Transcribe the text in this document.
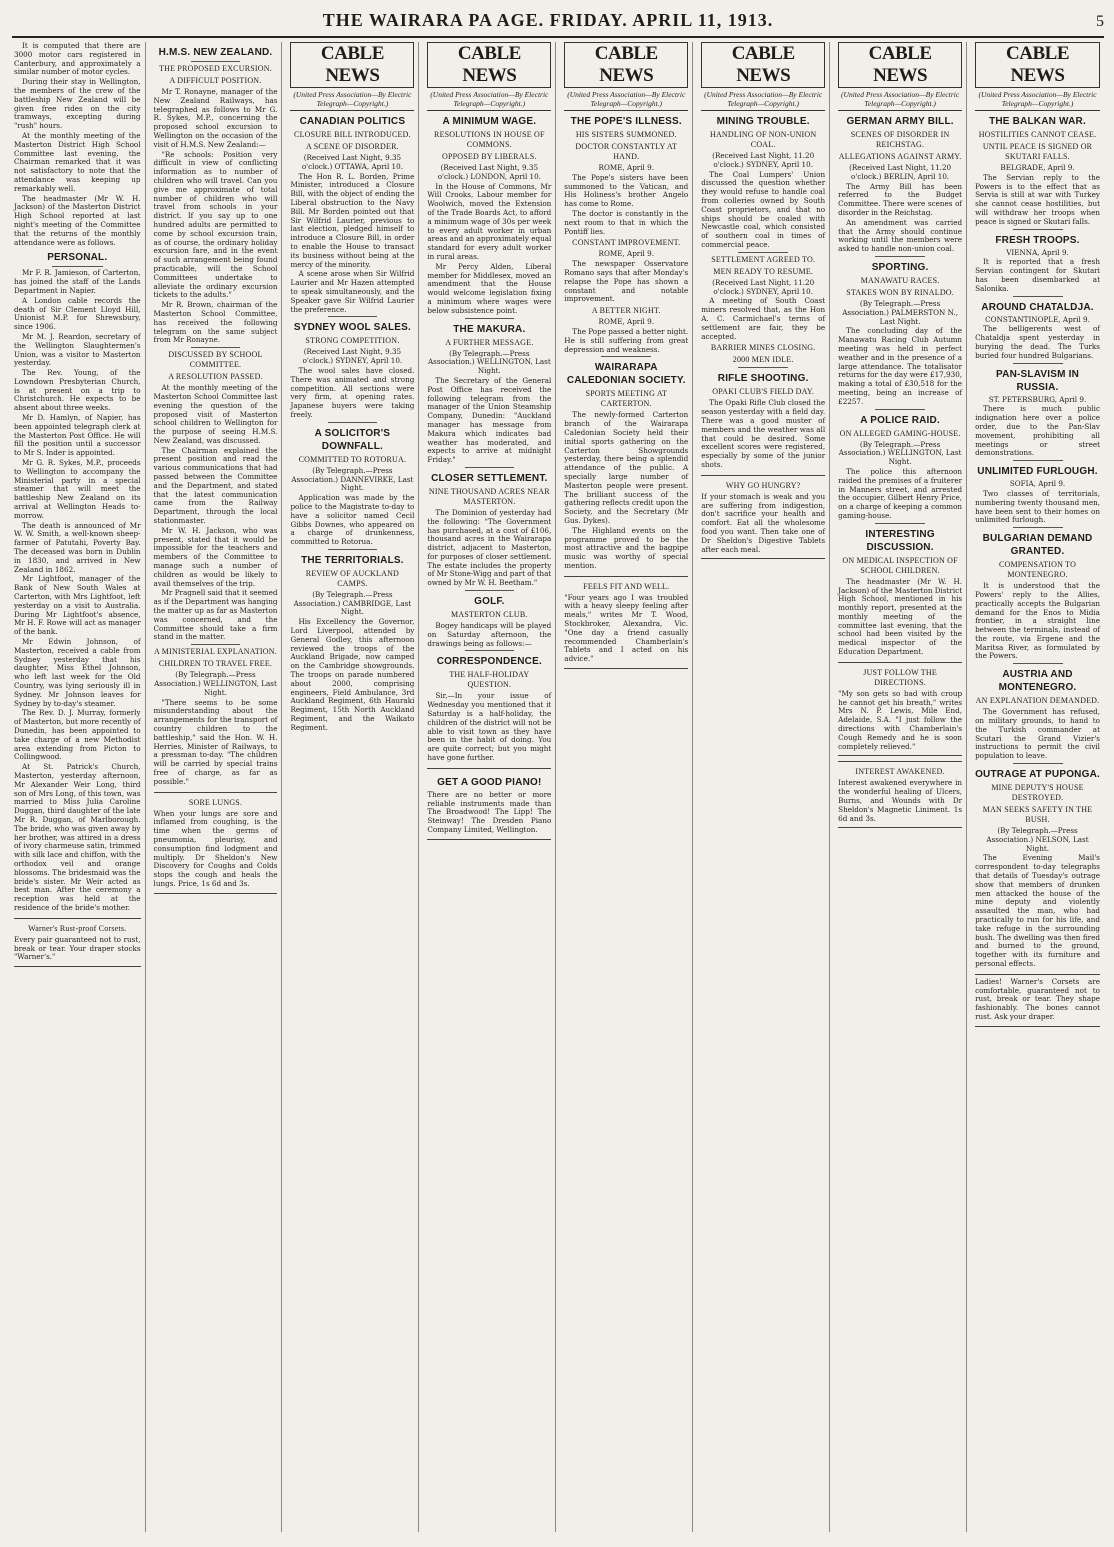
THE WAIRARA PA AGE. FRIDAY. APRIL 11, 1913.	5

It is computed that there are 3000 motor cars registered in Canterbury, and approximately a similar number of motor cycles.

During their stay in Wellington, the members of the crew of the battleship New Zealand will be given free rides on the city tramways, excepting during "rush" hours.

At the monthly meeting of the Masterton District High School Committee last evening, the Chairman remarked that it was not satisfactory to note that the attendance was keeping up remarkably well.

The headmaster (Mr W. H. Jackson) of the Masterton District High School reported at last night's meeting of the Committee that the returns of the monthly attendance were as follows.

PERSONAL.

Mr F. R. Jamieson, of Carterton, has joined the staff of the Lands Department in Napier.

A London cable records the death of Sir Clement Lloyd Hill, Unionist M.P. for Shrewsbury, since 1906.

Mr M. J. Reardon, secretary of the Wellington Slaughtermen's Union, was a visitor to Masterton yesterday.

The Rev. Young, of the Lowndown Presbyterian Church, is at present on a trip to Christchurch. He expects to be absent about three weeks.

Mr D. Hamlyn, of Napier, has been appointed telegraph clerk at the Masterton Post Office. He will fill the position until a successor to Mr S. Inder is appointed.

Mr G. R. Sykes, M.P., proceeds to Wellington to accompany the Ministerial party in a special steamer that will meet the battleship New Zealand on its arrival at Wellington Heads to-morrow.

The death is announced of Mr W. W. Smith, a well-known sheep-farmer of Patutahi, Poverty Bay. The deceased was born in Dublin in 1830, and arrived in New Zealand in 1862.

Mr Lightfoot, manager of the Bank of New South Wales at Carterton, with Mrs Lightfoot, left yesterday on a visit to Australia. During Mr Lightfoot's absence, Mr H. F. Rowe will act as manager of the bank.

Mr Edwin Johnson, of Masterton, received a cable from Sydney yesterday that his daughter, Miss Ethel Johnson, who left last week for the Old Country, was lying seriously ill in Sydney. Mr Johnson leaves for Sydney by to-day's steamer.

The Rev. D. J. Murray, formerly of Masterton, but more recently of Dunedin, has been appointed to take charge of a new Methodist area extending from Picton to Collingwood.

At St. Patrick's Church, Masterton, yesterday afternoon, Mr Alexander Weir Long, third son of Mrs Long, of this town, was married to Miss Julia Caroline Duggan, third daughter of the late Mr R. Duggan, of Marlborough. The bride, who was given away by her brother, was attired in a dress of ivory charmeuse satin, trimmed with silk lace and chiffon, with the orthodox veil and orange blossoms. The bridesmaid was the bride's sister. Mr Weir acted as best man. After the ceremony a reception was held at the residence of the bride's mother.

Warner's Rust-proof Corsets.

Every pair guaranteed not to rust, break or tear. Your draper stocks "Warner's."

H.M.S. NEW ZEALAND.
THE PROPOSED EXCURSION.
A DIFFICULT POSITION.

Mr T. Ronayne, manager of the New Zealand Railways, has telegraphed as follows to Mr G. R. Sykes, M.P., concerning the proposed school excursion to Wellington on the occasion of the visit of H.M.S. New Zealand:—

"Re schools: Position very difficult in view of conflicting information as to number of children who will travel. Can you give me approximate of total number of children who will travel from schools in your district. If you say up to one hundred adults are permitted to come by school excursion train, as of course, the ordinary holiday excursion fare, and in the event of such arrangement being found practicable, will the School Committees undertake to alleviate the ordinary excursion tickets to the adults."

Mr R. Brown, chairman of the Masterton School Committee, has received the following telegram on the same subject from Mr Ronayne.

DISCUSSED BY SCHOOL COMMITTEE.
A RESOLUTION PASSED.

At the monthly meeting of the Masterton School Committee last evening the question of the proposed visit of Masterton school children to Wellington for the purpose of seeing H.M.S. New Zealand, was discussed.

The Chairman explained the present position and read the various communications that had passed between the Committee and the Department, and stated that the latest communication came from the Railway Department, through the local stationmaster.

Mr W. H. Jackson, who was present, stated that it would be impossible for the teachers and members of the Committee to manage such a number of children as would be likely to avail themselves of the trip.

Mr Pragnell said that it seemed as if the Department was hanging the matter up as far as Masterton was concerned, and the Committee should take a firm stand in the matter.

A MINISTERIAL EXPLANATION.
CHILDREN TO TRAVEL FREE.
(By Telegraph.—Press Association.) WELLINGTON, Last Night.

"There seems to be some misunderstanding about the arrangements for the transport of country children to the battleship," said the Hon. W. H. Herries, Minister of Railways, to a pressman to-day. "The children will be carried by special trains free of charge, as far as possible."

SORE LUNGS.

When your lungs are sore and inflamed from coughing, is the time when the germs of pneumonia, pleurisy, and consumption find lodgment and multiply. Dr Sheldon's New Discovery for Coughs and Colds stops the cough and heals the lungs. Price, 1s 6d and 3s.

CABLE NEWS
(United Press Association—By Electric Telegraph—Copyright.)
CANADIAN POLITICS
CLOSURE BILL INTRODUCED.
A SCENE OF DISORDER.
(Received Last Night, 9.35 o'clock.) OTTAWA, April 10.

The Hon R. L. Borden, Prime Minister, introduced a Closure Bill, with the object of ending the Liberal obstruction to the Navy Bill. Mr Borden pointed out that Sir Wilfrid Laurier, previous to last election, pledged himself to introduce a Closure Bill, in order to enable the House to transact its business without being at the mercy of the minority.

A scene arose when Sir Wilfrid Laurier and Mr Hazen attempted to speak simultaneously, and the Speaker gave Sir Wilfrid Laurier the preference.

SYDNEY WOOL SALES.
STRONG COMPETITION.
(Received Last Night, 9.35 o'clock.) SYDNEY, April 10.

The wool sales have closed. There was animated and strong competition. All sections were very firm, at opening rates. Japanese buyers were taking freely.

A SOLICITOR'S DOWNFALL.
COMMITTED TO ROTORUA.
(By Telegraph.—Press Association.) DANNEVIRKE, Last Night.

Application was made by the police to the Magistrate to-day to have a solicitor named Cecil Gibbs Downes, who appeared on a charge of drunkenness, committed to Rotorua.

THE TERRITORIALS.
REVIEW OF AUCKLAND CAMPS.
(By Telegraph.—Press Association.) CAMBRIDGE, Last Night.

His Excellency the Governor, Lord Liverpool, attended by General Godley, this afternoon reviewed the troops of the Auckland Brigade, now camped on the Cambridge showgrounds. The troops on parade numbered about 2000, comprising engineers, Field Ambulance, 3rd Auckland Regiment, 6th Hauraki Regiment, 15th North Auckland Regiment, and the Waikato Regiment.

CABLE NEWS
(United Press Association—By Electric Telegraph—Copyright.)
A MINIMUM WAGE.
RESOLUTIONS IN HOUSE OF COMMONS.
OPPOSED BY LIBERALS.
(Received Last Night, 9.35 o'clock.) LONDON, April 10.

In the House of Commons, Mr Will Crooks, Labour member for Woolwich, moved the Extension of the Trade Boards Act, to afford a minimum wage of 30s per week to every adult worker in urban areas and an approximately equal standard for every adult worker in rural areas.

Mr Percy Alden, Liberal member for Middlesex, moved an amendment that the House would welcome legislation fixing a minimum where wages were below subsistence point.

THE MAKURA.
A FURTHER MESSAGE.
(By Telegraph.—Press Association.) WELLINGTON, Last Night.

The Secretary of the General Post Office has received the following telegram from the manager of the Union Steamship Company, Dunedin: "Auckland manager has message from Makura which indicates bad weather has moderated, and expects to arrive at midnight Friday."

CLOSER SETTLEMENT.
NINE THOUSAND ACRES NEAR MASTERTON.

The Dominion of yesterday had the following: "The Government has purchased, at a cost of £106, thousand acres in the Wairarapa district, adjacent to Masterton, for purposes of closer settlement. The estate includes the property of Mr Stone-Wigg and part of that owned by Mr W. H. Beetham."

GOLF.
MASTERTON CLUB.

Bogey handicaps will be played on Saturday afternoon, the drawings being as follows:—

CORRESPONDENCE.
THE HALF-HOLIDAY QUESTION.

Sir,—In your issue of Wednesday you mentioned that it Saturday is a half-holiday, the children of the district will not be able to visit town as they have been in the habit of doing. You are quite correct; but you might have gone further.

GET A GOOD PIANO!

There are no better or more reliable instruments made than The Broadwood! The Lipp! The Steinway! The Dresden Piano Company Limited, Wellington.

CABLE NEWS
(United Press Association—By Electric Telegraph—Copyright.)
THE POPE'S ILLNESS.
HIS SISTERS SUMMONED.
DOCTOR CONSTANTLY AT HAND.
ROME, April 9.

The Pope's sisters have been summoned to the Vatican, and His Holiness's brother Angelo has come to Rome.

The doctor is constantly in the next room to that in which the Pontiff lies.

CONSTANT IMPROVEMENT.
ROME, April 9.

The newspaper Osservatore Romano says that after Monday's relapse the Pope has shown a constant and notable improvement.

A BETTER NIGHT.
ROME, April 9.

The Pope passed a better night. He is still suffering from great depression and weakness.

WAIRARAPA CALEDONIAN SOCIETY.
SPORTS MEETING AT CARTERTON.

The newly-formed Carterton branch of the Wairarapa Caledonian Society held their initial sports gathering on the Carterton Showgrounds yesterday, there being a splendid attendance of the public. A specially large number of Masterton people were present. The brilliant success of the gathering reflects credit upon the Society, and the Secretary (Mr Gus. Dykes).

The Highland events on the programme proved to be the most attractive and the bagpipe music was worthy of special mention.

FEELS FIT AND WELL.

"Four years ago I was troubled with a heavy sleepy feeling after meals," writes Mr T. Wood, Stockbroker, Alexandra, Vic. "One day a friend casually recommended Chamberlain's Tablets and I acted on his advice."

CABLE NEWS
(United Press Association—By Electric Telegraph—Copyright.)
MINING TROUBLE.
HANDLING OF NON-UNION COAL.
(Received Last Night, 11.20 o'clock.) SYDNEY, April 10.

The Coal Lumpers' Union discussed the question whether they would refuse to handle coal from colleries owned by South Coast proprietors, and that no ships should be coaled with Newcastle coal, which consisted of southern coal in times of commercial peace.

SETTLEMENT AGREED TO.
MEN READY TO RESUME.
(Received Last Night, 11.20 o'clock.) SYDNEY, April 10.

A meeting of South Coast miners resolved that, as the Hon A. C. Carmichael's terms of settlement are fair, they be accepted.

BARRIER MINES CLOSING.
2000 MEN IDLE.
RIFLE SHOOTING.
OPAKI CLUB'S FIELD DAY.

The Opaki Rifle Club closed the season yesterday with a field day. There was a good muster of members and the weather was all that could be desired. Some excellent scores were registered, especially by some of the junior shots.

WHY GO HUNGRY?

If your stomach is weak and you are suffering from indigestion, don't sacrifice your health and comfort. Eat all the wholesome food you want. Then take one of Dr Sheldon's Digestive Tablets after each meal.

CABLE NEWS
(United Press Association—By Electric Telegraph—Copyright.)
GERMAN ARMY BILL.
SCENES OF DISORDER IN REICHSTAG.
ALLEGATIONS AGAINST ARMY.
(Received Last Night, 11.20 o'clock.) BERLIN, April 10.

The Army Bill has been referred to the Budget Committee. There were scenes of disorder in the Reichstag.

An amendment was carried that the Army should continue working until the members were asked to handle non-union coal.

SPORTING.
MANAWATU RACES.
STAKES WON BY RINALDO.
(By Telegraph.—Press Association.) PALMERSTON N., Last Night.

The concluding day of the Manawatu Racing Club Autumn meeting was held in perfect weather and in the presence of a large attendance. The totalisator returns for the day were £17,930, making a total of £30,518 for the meeting, being an increase of £2257.

A POLICE RAID.
ON ALLEGED GAMING-HOUSE.
(By Telegraph.—Press Association.) WELLINGTON, Last Night.

The police this afternoon raided the premises of a fruiterer in Manners street, and arrested the occupier, Gilbert Henry Price, on a charge of keeping a common gaming-house.

INTERESTING DISCUSSION.
ON MEDICAL INSPECTION OF SCHOOL CHILDREN.

The headmaster (Mr W. H. Jackson) of the Masterton District High School, mentioned in his monthly report, presented at the monthly meeting of the committee last evening, that the school had been visited by the medical inspector of the Education Department.

JUST FOLLOW THE DIRECTIONS.

"My son gets so bad with croup he cannot get his breath," writes Mrs N. P. Lewis, Mile End, Adelaide, S.A. "I just follow the directions with Chamberlain's Cough Remedy and he is soon completely relieved."

INTEREST AWAKENED.

Interest awakened everywhere in the wonderful healing of Ulcers, Burns, and Wounds with Dr Sheldon's Magnetic Liniment. 1s 6d and 3s.

CABLE NEWS
(United Press Association—By Electric Telegraph—Copyright.)
THE BALKAN WAR.
HOSTILITIES CANNOT CEASE.
UNTIL PEACE IS SIGNED OR SKUTARI FALLS.
BELGRADE, April 9.

The Servian reply to the Powers is to the effect that as Servia is still at war with Turkey she cannot cease hostilities, but will withdraw her troops when peace is signed or Skutari falls.

FRESH TROOPS.
VIENNA, April 9.

It is reported that a fresh Servian contingent for Skutari has been disembarked at Salonika.

AROUND CHATALDJA.
CONSTANTINOPLE, April 9.

The belligerents west of Chataldja spent yesterday in burying the dead. The Turks buried four hundred Bulgarians.

PAN-SLAVISM IN RUSSIA.
ST. PETERSBURG, April 9.

There is much public indignation here over a police order, due to the Pan-Slav movement, prohibiting all meetings or street demonstrations.

UNLIMITED FURLOUGH.
SOFIA, April 9.

Two classes of territorials, numbering twenty thousand men, have been sent to their homes on unlimited furlough.

BULGARIAN DEMAND GRANTED.
COMPENSATION TO MONTENEGRO.

It is understood that the Powers' reply to the Allies, practically accepts the Bulgarian demand for the Enos to Midia frontier, in a straight line between the terminals, instead of the route, via Ergene and the Maritsa River, as formulated by the Powers.

AUSTRIA AND MONTENEGRO.
AN EXPLANATION DEMANDED.

The Government has refused, on military grounds, to hand to the Turkish commander at Scutari the Grand Vizier's instructions to permit the civil population to leave.

OUTRAGE AT PUPONGA.
MINE DEPUTY'S HOUSE DESTROYED.
MAN SEEKS SAFETY IN THE BUSH.
(By Telegraph.—Press Association.) NELSON, Last Night.

The Evening Mail's correspondent to-day telegraphs that details of Tuesday's outrage show that members of drunken men attacked the house of the mine deputy and violently assaulted the man, who had practically to run for his life, and take refuge in the surrounding bush. The dwelling was then fired and burned to the ground, together with its furniture and personal effects.

Ladies! Warner's Corsets are comfortable, guaranteed not to rust, break or tear. They shape fashionably. The bones cannot rust. Ask your draper.
